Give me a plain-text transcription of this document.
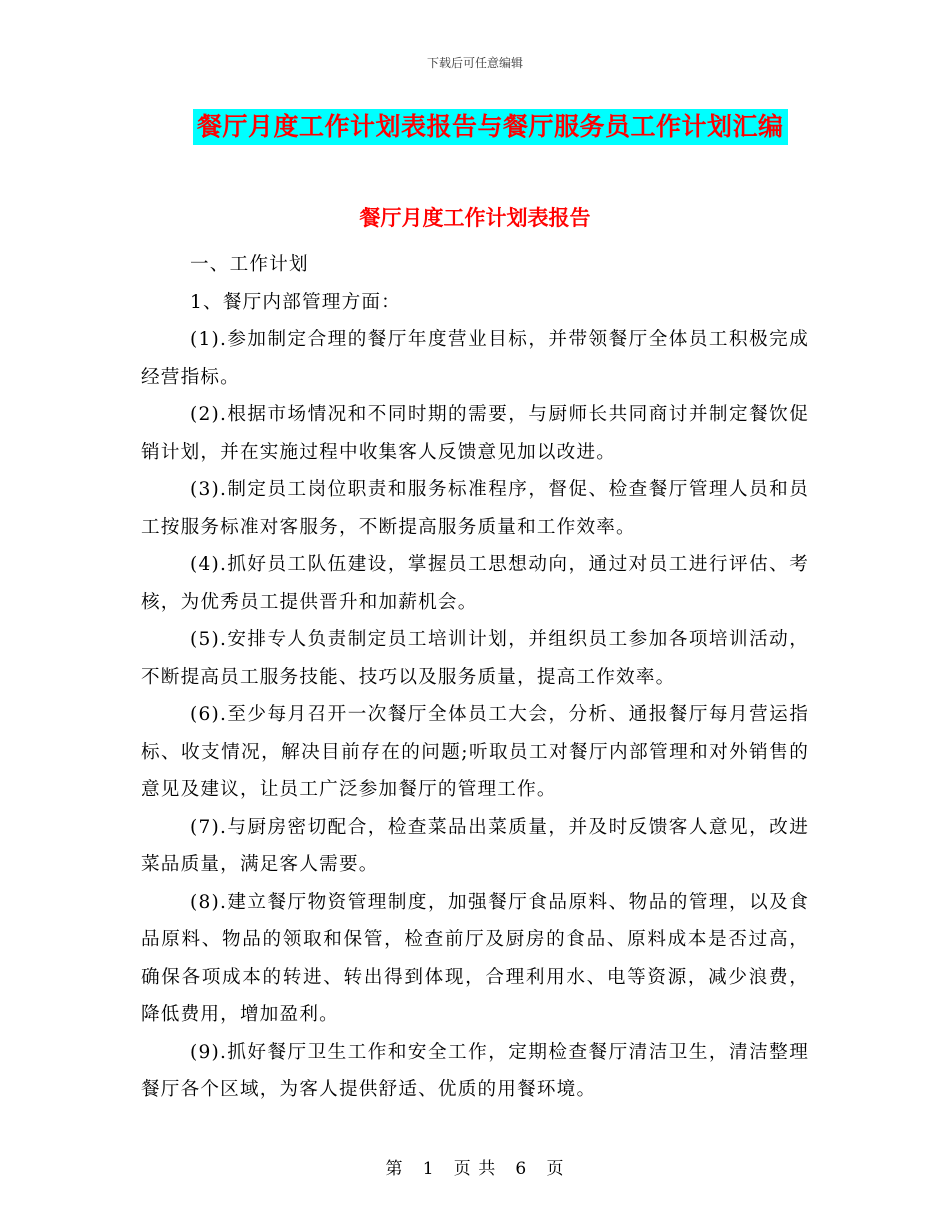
下载后可任意编辑
餐厅月度工作计划表报告与餐厅服务员工作计划汇编
餐厅月度工作计划表报告

一、工作计划

1、餐厅内部管理方面：

(1).参加制定合理的餐厅年度营业目标，并带领餐厅全体员工积极完成经营指标。

(2).根据市场情况和不同时期的需要，与厨师长共同商讨并制定餐饮促销计划，并在实施过程中收集客人反馈意见加以改进。

(3).制定员工岗位职责和服务标准程序，督促、检查餐厅管理人员和员工按服务标准对客服务，不断提高服务质量和工作效率。

(4).抓好员工队伍建设，掌握员工思想动向，通过对员工进行评估、考核，为优秀员工提供晋升和加薪机会。

(5).安排专人负责制定员工培训计划，并组织员工参加各项培训活动，不断提高员工服务技能、技巧以及服务质量，提高工作效率。

(6).至少每月召开一次餐厅全体员工大会，分析、通报餐厅每月营运指标、收支情况，解决目前存在的问题;听取员工对餐厅内部管理和对外销售的意见及建议，让员工广泛参加餐厅的管理工作。

(7).与厨房密切配合，检查菜品出菜质量，并及时反馈客人意见，改进菜品质量，满足客人需要。

(8).建立餐厅物资管理制度，加强餐厅食品原料、物品的管理，以及食品原料、物品的领取和保管，检查前厅及厨房的食品、原料成本是否过高，确保各项成本的转进、转出得到体现，合理利用水、电等资源，减少浪费，降低费用，增加盈利。

(9).抓好餐厅卫生工作和安全工作，定期检查餐厅清洁卫生，清洁整理餐厅各个区域，为客人提供舒适、优质的用餐环境。

第 1 页 共 6 页
